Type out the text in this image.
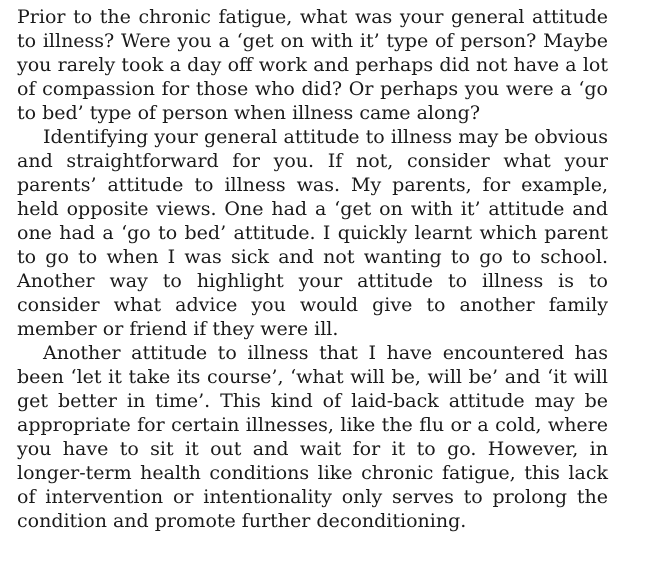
Prior to the chronic fatigue, what was your general attitude to illness? Were you a ‘get on with it’ type of person? Maybe you rarely took a day off work and perhaps did not have a lot of compassion for those who did? Or perhaps you were a ‘go to bed’ type of person when illness came along?

Identifying your general attitude to illness may be obvious and straightforward for you. If not, consider what your parents’ attitude to illness was. My parents, for example, held opposite views. One had a ‘get on with it’ attitude and one had a ‘go to bed’ attitude. I quickly learnt which parent to go to when I was sick and not wanting to go to school. Another way to highlight your attitude to illness is to consider what advice you would give to another family member or friend if they were ill.

Another attitude to illness that I have encountered has been ‘let it take its course’, ‘what will be, will be’ and ‘it will get better in time’. This kind of laid-back attitude may be appropriate for certain illnesses, like the flu or a cold, where you have to sit it out and wait for it to go. However, in longer-term health conditions like chronic fatigue, this lack of intervention or intentionality only serves to prolong the condition and promote further deconditioning.
